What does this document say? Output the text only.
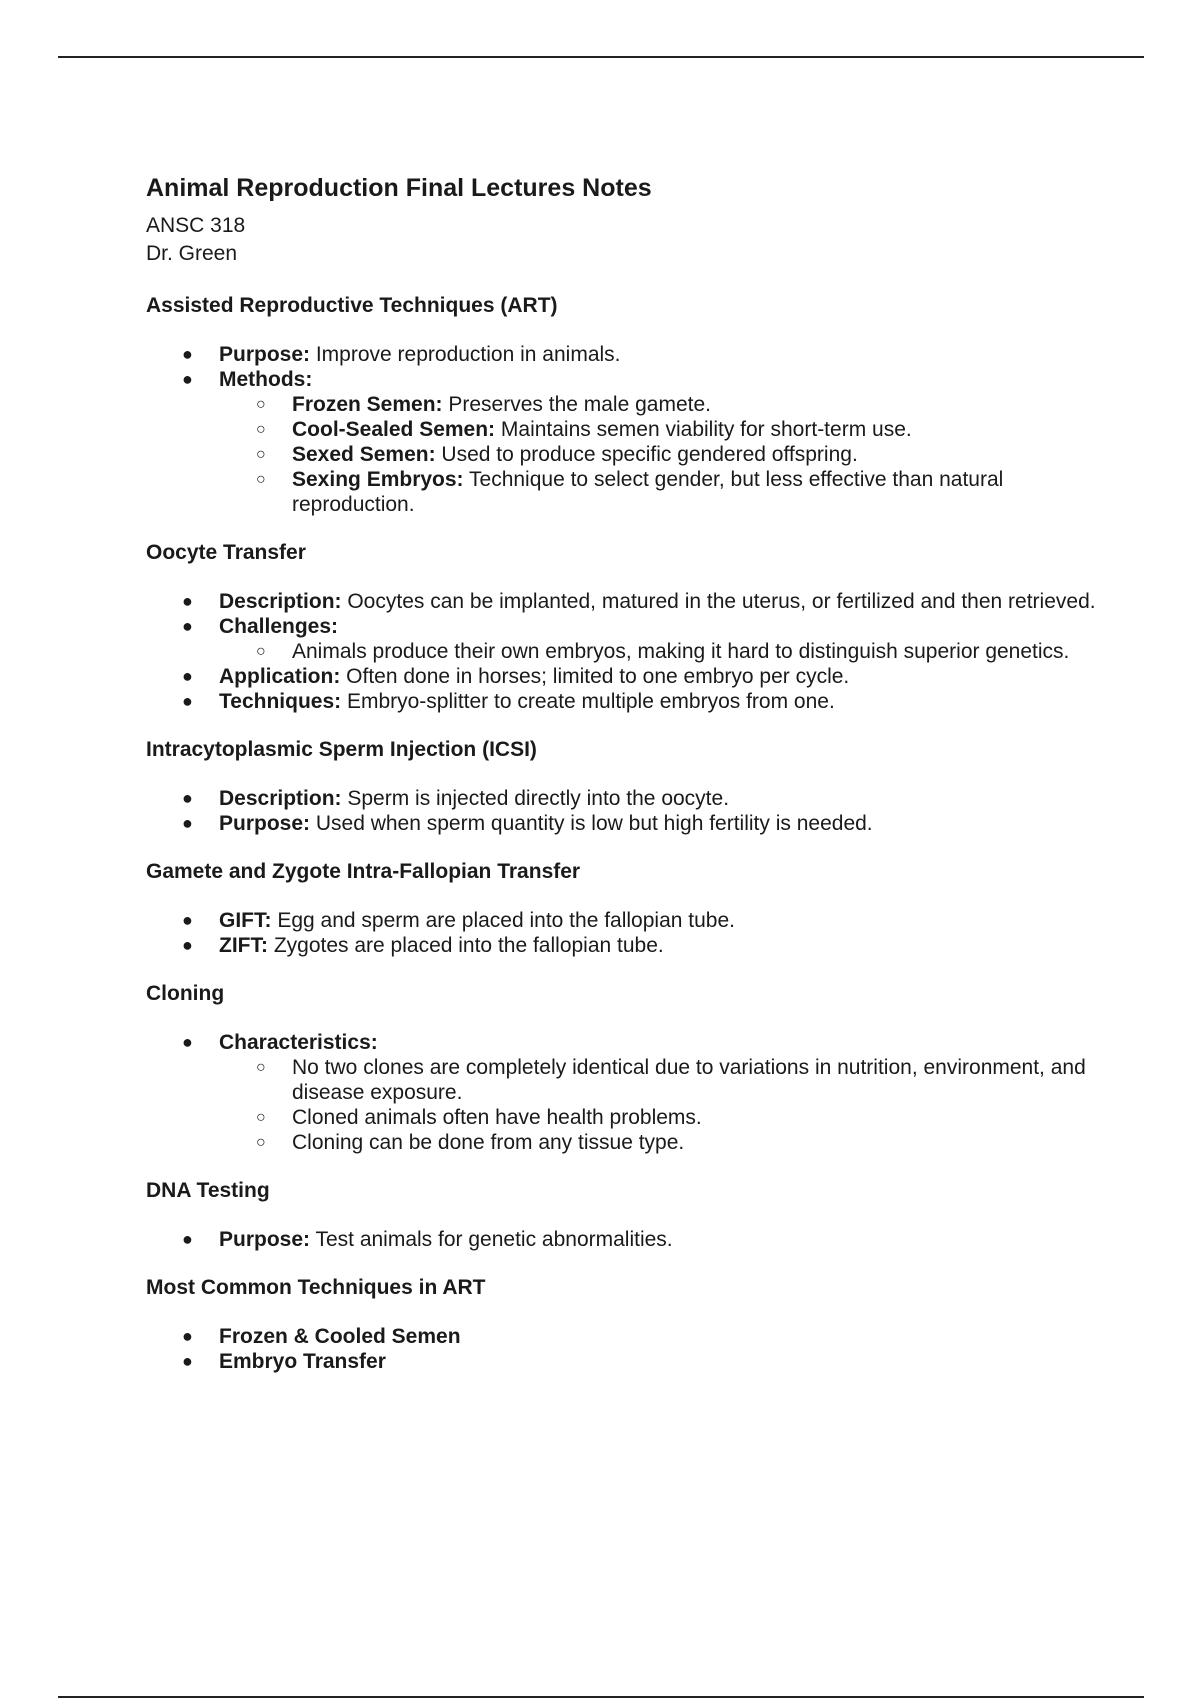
Animal Reproduction Final Lectures Notes

ANSC 318

Dr. Green

Assisted Reproductive Techniques (ART)
● Purpose: Improve reproduction in animals.
● Methods:
○ Frozen Semen: Preserves the male gamete.
○ Cool-Sealed Semen: Maintains semen viability for short-term use.
○ Sexed Semen: Used to produce specific gendered offspring.
○ Sexing Embryos: Technique to select gender, but less effective than natural reproduction.
Oocyte Transfer
● Description: Oocytes can be implanted, matured in the uterus, or fertilized and then retrieved.
● Challenges:
○ Animals produce their own embryos, making it hard to distinguish superior genetics.
● Application: Often done in horses; limited to one embryo per cycle.
● Techniques: Embryo-splitter to create multiple embryos from one.
Intracytoplasmic Sperm Injection (ICSI)
● Description: Sperm is injected directly into the oocyte.
● Purpose: Used when sperm quantity is low but high fertility is needed.
Gamete and Zygote Intra-Fallopian Transfer
● GIFT: Egg and sperm are placed into the fallopian tube.
● ZIFT: Zygotes are placed into the fallopian tube.
Cloning
● Characteristics:
○ No two clones are completely identical due to variations in nutrition, environment, and disease exposure.
○ Cloned animals often have health problems.
○ Cloning can be done from any tissue type.
DNA Testing
● Purpose: Test animals for genetic abnormalities.
Most Common Techniques in ART
● Frozen & Cooled Semen
● Embryo Transfer
